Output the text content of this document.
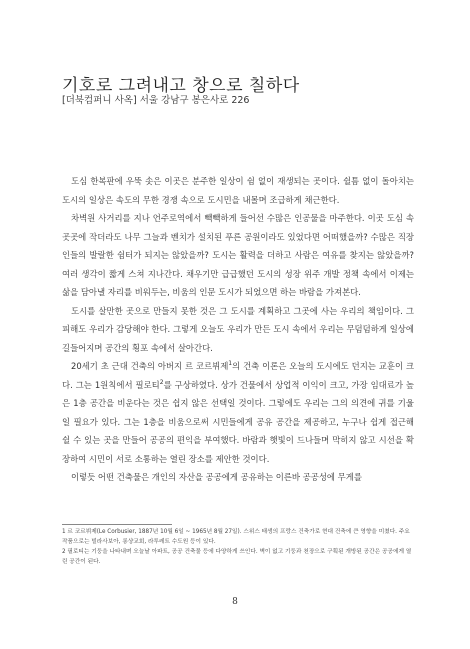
기호로 그려내고 창으로 칠하다
[더북컴퍼니 사옥] 서울 강남구 봉은사로 226

도심 한복판에 우뚝 솟은 이곳은 분주한 일상이 쉼 없이 재생되는 곳이다. 쉴틈 없이 돌아치는 도시의 일상은 속도의 무한 경쟁 속으로 도시민을 내몰며 조급하게 채근한다.

차벽원 사거리를 지나 언주로역에서 빽빽하게 들어선 수많은 인공물을 마주한다. 이곳 도심 속 곳곳에 작더라도 나무 그늘과 벤치가 설치된 푸른 공원이라도 있었다면 어떠했을까? 수많은 직장인들의 발랄한 쉼터가 되지는 않았을까? 도시는 활력을 더하고 사람은 여유를 찾지는 않았을까? 여러 생각이 짧게 스쳐 지나간다. 채우기만 급급했던 도시의 성장 위주 개발 정책 속에서 이제는 삶을 담아낼 자리를 비워두는, 비움의 인문 도시가 되었으면 하는 바람을 가져본다.

도시를 살만한 곳으로 만들지 못한 것은 그 도시를 계획하고 그곳에 사는 우리의 책임이다. 그 피해도 우리가 감당해야 한다. 그렇게 오늘도 우리가 만든 도시 속에서 우리는 무덤덤하게 일상에 길들어지며 공간의 횡포 속에서 살아간다.

20세기 초 근대 건축의 아버지 르 코르뷔제$^1$의 건축 이론은 오늘의 도시에도 던지는 교훈이 크다. 그는 1원칙에서 필로티$^2$를 구상하였다. 상가 건물에서 상업적 이익이 크고, 가장 임대료가 높은 1층 공간을 비운다는 것은 쉽지 않은 선택일 것이다. 그렇에도 우리는 그의 의견에 귀를 기울일 필요가 있다. 그는 1층을 비움으로써 시민들에게 공유 공간을 제공하고, 누구나 쉽게 접근해 쉴 수 있는 곳을 만들어 공공의 편익을 부여했다. 바람과 햇빛이 드나들며 막히지 않고 시선을 확장하여 시민이 서로 소통하는 열린 장소를 제안한 것이다.

이렇듯 어떤 건축물은 개인의 자산을 공공에게 공유하는 이른바 공공성에 무게를

1 르 코르뷔제(Le Corbusier, 1887년 10월 6일 ~ 1965년 8월 27일). 스위스 태생의 프랑스 건축가로 현대 건축에 큰 영향을 미쳤다. 주요 작품으로는 빌라사보아, 롱샹교회, 라투레트 수도원 등이 있다.

2 필로티는 기둥을 나타내며 오늘날 아파트, 공공 건축물 등에 다양하게 쓰인다. 벽이 없고 기둥과 천장으로 구획된 개방된 공간은 공공에게 열린 공간이 된다.

8
